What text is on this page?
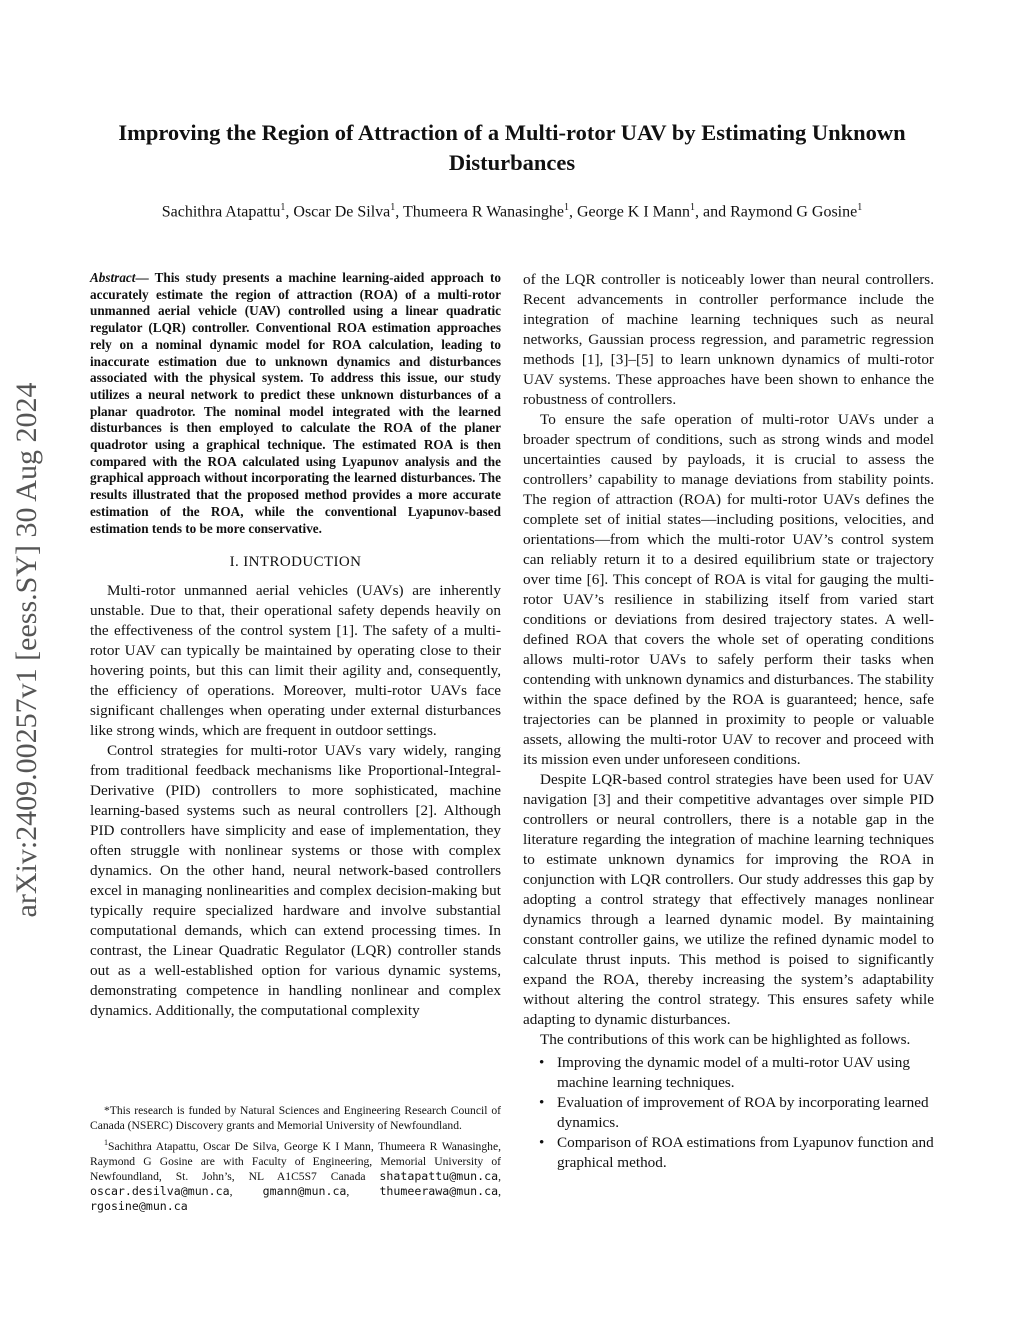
arXiv:2409.00257v1 [eess.SY] 30 Aug 2024
Improving the Region of Attraction of a Multi-rotor UAV by Estimating Unknown Disturbances
Sachithra Atapattu$^1$, Oscar De Silva$^1$, Thumeera R Wanasinghe$^1$, George K I Mann$^1$, and Raymond G Gosine$^1$

Abstract— This study presents a machine learning-aided approach to accurately estimate the region of attraction (ROA) of a multi-rotor unmanned aerial vehicle (UAV) controlled using a linear quadratic regulator (LQR) controller. Conventional ROA estimation approaches rely on a nominal dynamic model for ROA calculation, leading to inaccurate estimation due to unknown dynamics and disturbances associated with the physical system. To address this issue, our study utilizes a neural network to predict these unknown disturbances of a planar quadrotor. The nominal model integrated with the learned disturbances is then employed to calculate the ROA of the planer quadrotor using a graphical technique. The estimated ROA is then compared with the ROA calculated using Lyapunov analysis and the graphical approach without incorporating the learned disturbances. The results illustrated that the proposed method provides a more accurate estimation of the ROA, while the conventional Lyapunov-based estimation tends to be more conservative.

I. INTRODUCTION

Multi-rotor unmanned aerial vehicles (UAVs) are inherently unstable. Due to that, their operational safety depends heavily on the effectiveness of the control system [1]. The safety of a multi-rotor UAV can typically be maintained by operating close to their hovering points, but this can limit their agility and, consequently, the efficiency of operations. Moreover, multi-rotor UAVs face significant challenges when operating under external disturbances like strong winds, which are frequent in outdoor settings.

Control strategies for multi-rotor UAVs vary widely, ranging from traditional feedback mechanisms like Proportional-Integral-Derivative (PID) controllers to more sophisticated, machine learning-based systems such as neural controllers [2]. Although PID controllers have simplicity and ease of implementation, they often struggle with nonlinear systems or those with complex dynamics. On the other hand, neural network-based controllers excel in managing nonlinearities and complex decision-making but typically require specialized hardware and involve substantial computational demands, which can extend processing times. In contrast, the Linear Quadratic Regulator (LQR) controller stands out as a well-established option for various dynamic systems, demonstrating competence in handling nonlinear and complex dynamics. Additionally, the computational complexity

*This research is funded by Natural Sciences and Engineering Research Council of Canada (NSERC) Discovery grants and Memorial University of Newfoundland.

$^1$Sachithra Atapattu, Oscar De Silva, George K I Mann, Thumeera R Wanasinghe, Raymond G Gosine are with Faculty of Engineering, Memorial University of Newfoundland, St. John’s, NL A1C5S7 Canada shatapattu@mun.ca, oscar.desilva@mun.ca, gmann@mun.ca, thumeerawa@mun.ca, rgosine@mun.ca

of the LQR controller is noticeably lower than neural controllers. Recent advancements in controller performance include the integration of machine learning techniques such as neural networks, Gaussian process regression, and parametric regression methods [1], [3]–[5] to learn unknown dynamics of multi-rotor UAV systems. These approaches have been shown to enhance the robustness of controllers.

To ensure the safe operation of multi-rotor UAVs under a broader spectrum of conditions, such as strong winds and model uncertainties caused by payloads, it is crucial to assess the controllers’ capability to manage deviations from stability points. The region of attraction (ROA) for multi-rotor UAVs defines the complete set of initial states—including positions, velocities, and orientations—from which the multi-rotor UAV’s control system can reliably return it to a desired equilibrium state or trajectory over time [6]. This concept of ROA is vital for gauging the multi-rotor UAV’s resilience in stabilizing itself from varied start conditions or deviations from desired trajectory states. A well-defined ROA that covers the whole set of operating conditions allows multi-rotor UAVs to safely perform their tasks when contending with unknown dynamics and disturbances. The stability within the space defined by the ROA is guaranteed; hence, safe trajectories can be planned in proximity to people or valuable assets, allowing the multi-rotor UAV to recover and proceed with its mission even under unforeseen conditions.

Despite LQR-based control strategies have been used for UAV navigation [3] and their competitive advantages over simple PID controllers or neural controllers, there is a notable gap in the literature regarding the integration of machine learning techniques to estimate unknown dynamics for improving the ROA in conjunction with LQR controllers. Our study addresses this gap by adopting a control strategy that effectively manages nonlinear dynamics through a learned dynamic model. By maintaining constant controller gains, we utilize the refined dynamic model to calculate thrust inputs. This method is poised to significantly expand the ROA, thereby increasing the system’s adaptability without altering the control strategy. This ensures safety while adapting to dynamic disturbances.

The contributions of this work can be highlighted as follows.

• Improving the dynamic model of a multi-rotor UAV using machine learning techniques.
• Evaluation of improvement of ROA by incorporating learned dynamics.
• Comparison of ROA estimations from Lyapunov function and graphical method.
